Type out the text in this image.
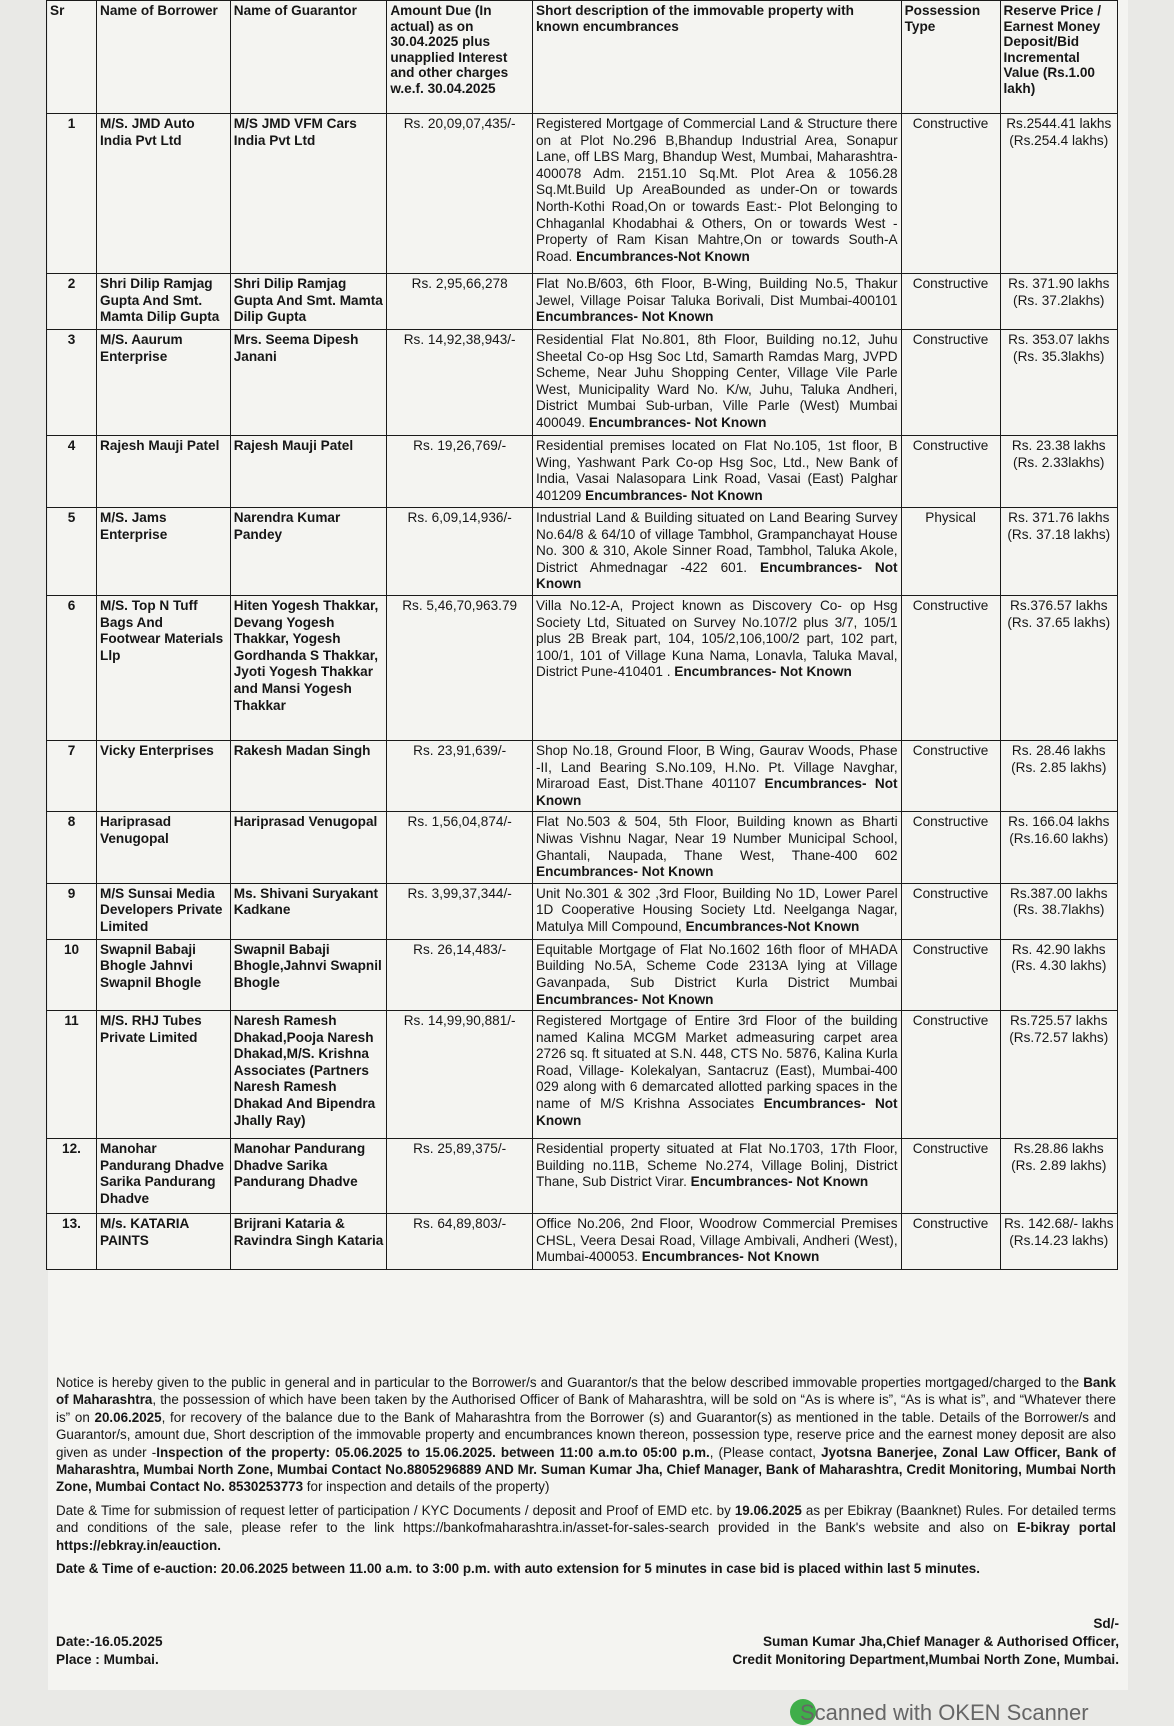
Sr	Name of Borrower	Name of Guarantor	Amount Due (In actual) as on 30.04.2025 plus unapplied Interest and other charges w.e.f. 30.04.2025	Short description of the immovable property with known encumbrances	Possession Type	Reserve Price / Earnest Money Deposit/Bid Incremental Value (Rs.1.00 lakh)
1	M/S. JMD Auto India Pvt Ltd	M/S JMD VFM Cars India Pvt Ltd	Rs. 20,09,07,435/-	Registered Mortgage of Commercial Land & Structure there on at Plot No.296 B,Bhandup Industrial Area, Sonapur Lane, off LBS Marg, Bhandup West, Mumbai, Maharashtra-400078 Adm. 2151.10 Sq.Mt. Plot Area & 1056.28 Sq.Mt.Build Up AreaBounded as under-On or towards North-Kothi Road,On or towards East:- Plot Belonging to Chhaganlal Khodabhai & Others, On or towards West -Property of Ram Kisan Mahtre,On or towards South-A Road. Encumbrances-Not Known	Constructive	Rs.2544.41 lakhs (Rs.254.4 lakhs)
2	Shri Dilip Ramjag Gupta And Smt. Mamta Dilip Gupta	Shri Dilip Ramjag Gupta And Smt. Mamta Dilip Gupta	Rs. 2,95,66,278	Flat No.B/603, 6th Floor, B-Wing, Building No.5, Thakur Jewel, Village Poisar Taluka Borivali, Dist Mumbai-400101 Encumbrances- Not Known	Constructive	Rs. 371.90 lakhs (Rs. 37.2lakhs)
3	M/S. Aaurum Enterprise	Mrs. Seema Dipesh Janani	Rs. 14,92,38,943/-	Residential Flat No.801, 8th Floor, Building no.12, Juhu Sheetal Co-op Hsg Soc Ltd, Samarth Ramdas Marg, JVPD Scheme, Near Juhu Shopping Center, Village Vile Parle West, Municipality Ward No. K/w, Juhu, Taluka Andheri, District Mumbai Sub-urban, Ville Parle (West) Mumbai 400049. Encumbrances- Not Known	Constructive	Rs. 353.07 lakhs (Rs. 35.3lakhs)
4	Rajesh Mauji Patel	Rajesh Mauji Patel	Rs. 19,26,769/-	Residential premises located on Flat No.105, 1st floor, B Wing, Yashwant Park Co-op Hsg Soc, Ltd., New Bank of India, Vasai Nalasopara Link Road, Vasai (East) Palghar 401209 Encumbrances- Not Known	Constructive	Rs. 23.38 lakhs (Rs. 2.33lakhs)
5	M/S. Jams Enterprise	Narendra Kumar Pandey	Rs. 6,09,14,936/-	Industrial Land & Building situated on Land Bearing Survey No.64/8 & 64/10 of village Tambhol, Grampanchayat House No. 300 & 310, Akole Sinner Road, Tambhol, Taluka Akole, District Ahmednagar -422 601. Encumbrances- Not Known	Physical	Rs. 371.76 lakhs (Rs. 37.18 lakhs)
6	M/S. Top N Tuff Bags And Footwear Materials Llp	Hiten Yogesh Thakkar, Devang Yogesh Thakkar, Yogesh Gordhanda S Thakkar, Jyoti Yogesh Thakkar and Mansi Yogesh Thakkar	Rs. 5,46,70,963.79	Villa No.12-A, Project known as Discovery Co- op Hsg Society Ltd, Situated on Survey No.107/2 plus 3/7, 105/1 plus 2B Break part, 104, 105/2,106,100/2 part, 102 part, 100/1, 101 of Village Kuna Nama, Lonavla, Taluka Maval, District Pune-410401 . Encumbrances- Not Known	Constructive	Rs.376.57 lakhs (Rs. 37.65 lakhs)
7	Vicky Enterprises	Rakesh Madan Singh	Rs. 23,91,639/-	Shop No.18, Ground Floor, B Wing, Gaurav Woods, Phase -II, Land Bearing S.No.109, H.No. Pt. Village Navghar, Miraroad East, Dist.Thane 401107 Encumbrances- Not Known	Constructive	Rs. 28.46 lakhs (Rs. 2.85 lakhs)
8	Hariprasad Venugopal	Hariprasad Venugopal	Rs. 1,56,04,874/-	Flat No.503 & 504, 5th Floor, Building known as Bharti Niwas Vishnu Nagar, Near 19 Number Municipal School, Ghantali, Naupada, Thane West, Thane-400 602 Encumbrances- Not Known	Constructive	Rs. 166.04 lakhs (Rs.16.60 lakhs)
9	M/S Sunsai Media Developers Private Limited	Ms. Shivani Suryakant Kadkane	Rs. 3,99,37,344/-	Unit No.301 & 302 ,3rd Floor, Building No 1D, Lower Parel 1D Cooperative Housing Society Ltd. Neelganga Nagar, Matulya Mill Compound, Encumbrances-Not Known	Constructive	Rs.387.00 lakhs (Rs. 38.7lakhs)
10	Swapnil Babaji Bhogle Jahnvi Swapnil Bhogle	Swapnil Babaji Bhogle,Jahnvi Swapnil Bhogle	Rs. 26,14,483/-	Equitable Mortgage of Flat No.1602 16th floor of MHADA Building No.5A, Scheme Code 2313A lying at Village Gavanpada, Sub District Kurla District Mumbai Encumbrances- Not Known	Constructive	Rs. 42.90 lakhs (Rs. 4.30 lakhs)
11	M/S. RHJ Tubes Private Limited	Naresh Ramesh Dhakad,Pooja Naresh Dhakad,M/S. Krishna Associates (Partners Naresh Ramesh Dhakad And Bipendra Jhally Ray)	Rs. 14,99,90,881/-	Registered Mortgage of Entire 3rd Floor of the building named Kalina MCGM Market admeasuring carpet area 2726 sq. ft situated at S.N. 448, CTS No. 5876, Kalina Kurla Road, Village- Kolekalyan, Santacruz (East), Mumbai-400 029 along with 6 demarcated allotted parking spaces in the name of M/S Krishna Associates Encumbrances- Not Known	Constructive	Rs.725.57 lakhs (Rs.72.57 lakhs)
12.	Manohar Pandurang Dhadve Sarika Pandurang Dhadve	Manohar Pandurang Dhadve Sarika Pandurang Dhadve	Rs. 25,89,375/-	Residential property situated at Flat No.1703, 17th Floor, Building no.11B, Scheme No.274, Village Bolinj, District Thane, Sub District Virar. Encumbrances- Not Known	Constructive	Rs.28.86 lakhs (Rs. 2.89 lakhs)
13.	M/s. KATARIA PAINTS	Brijrani Kataria & Ravindra Singh Kataria	Rs. 64,89,803/-	Office No.206, 2nd Floor, Woodrow Commercial Premises CHSL, Veera Desai Road, Village Ambivali, Andheri (West), Mumbai-400053. Encumbrances- Not Known	Constructive	Rs. 142.68/- lakhs (Rs.14.23 lakhs)

Notice is hereby given to the public in general and in particular to the Borrower/s and Guarantor/s that the below described immovable properties mortgaged/charged to the Bank of Maharashtra, the possession of which have been taken by the Authorised Officer of Bank of Maharashtra, will be sold on “As is where is”, “As is what is”, and “Whatever there is” on 20.06.2025, for recovery of the balance due to the Bank of Maharashtra from the Borrower (s) and Guarantor(s) as mentioned in the table. Details of the Borrower/s and Guarantor/s, amount due, Short description of the immovable property and encumbrances known thereon, possession type, reserve price and the earnest money deposit are also given as under -Inspection of the property: 05.06.2025 to 15.06.2025. between 11:00 a.m.to 05:00 p.m., (Please contact, Jyotsna Banerjee, Zonal Law Officer, Bank of Maharashtra, Mumbai North Zone, Mumbai Contact No.8805296889 AND Mr. Suman Kumar Jha, Chief Manager, Bank of Maharashtra, Credit Monitoring, Mumbai North Zone, Mumbai Contact No. 8530253773 for inspection and details of the property)

Date & Time for submission of request letter of participation / KYC Documents / deposit and Proof of EMD etc. by 19.06.2025 as per Ebikray (Baanknet) Rules. For detailed terms and conditions of the sale, please refer to the link https://bankofmaharashtra.in/asset-for-sales-search provided in the Bank's website and also on E-bikray portal https://ebkray.in/eauction.

Date & Time of e-auction: 20.06.2025 between 11.00 a.m. to 3:00 p.m. with auto extension for 5 minutes in case bid is placed within last 5 minutes.

Date:-16.05.2025
Place : Mumbai.
Sd/-
Suman Kumar Jha,Chief Manager & Authorised Officer,
Credit Monitoring Department,Mumbai North Zone, Mumbai.
Scanned with OKEN Scanner
